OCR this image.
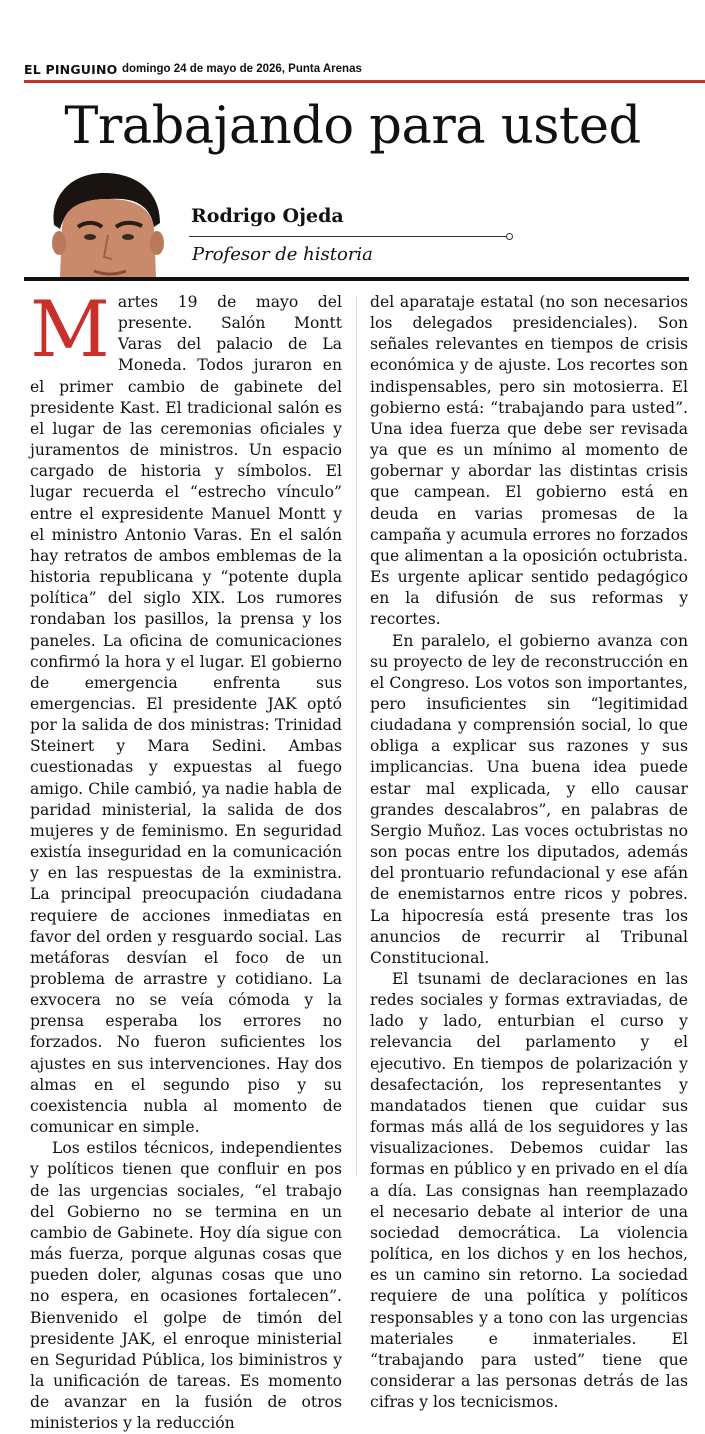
EL PINGUINO domingo 24 de mayo de 2026, Punta Arenas
Trabajando para usted
Rodrigo Ojeda
Profesor de historia

Martes 19 de mayo del presente. Salón Montt Varas del palacio de La Moneda. Todos juraron en el primer cambio de gabinete del presidente Kast. El tradicional salón es el lugar de las ceremonias oficiales y juramentos de ministros. Un espacio cargado de historia y símbolos. El lugar recuerda el “estrecho vínculo” entre el expresidente Manuel Montt y el ministro Antonio Varas. En el salón hay retratos de ambos emblemas de la historia republicana y “potente dupla política” del siglo XIX. Los rumores rondaban los pasillos, la prensa y los paneles. La oficina de comunicaciones confirmó la hora y el lugar. El gobierno de emergencia enfrenta sus emergencias. El presidente JAK optó por la salida de dos ministras: Trinidad Steinert y Mara Sedini. Ambas cuestionadas y expuestas al fuego amigo. Chile cambió, ya nadie habla de paridad ministerial, la salida de dos mujeres y de feminismo. En seguridad existía inseguridad en la comunicación y en las respuestas de la exministra. La principal preocupación ciudadana requiere de acciones inmediatas en favor del orden y resguardo social. Las metáforas desvían el foco de un problema de arrastre y cotidiano. La exvocera no se veía cómoda y la prensa esperaba los errores no forzados. No fueron suficientes los ajustes en sus intervenciones. Hay dos almas en el segundo piso y su coexistencia nubla al momento de comunicar en simple.

Los estilos técnicos, independientes y políticos tienen que confluir en pos de las urgencias sociales, “el trabajo del Gobierno no se termina en un cambio de Gabinete. Hoy día sigue con más fuerza, porque algunas cosas que pueden doler, algunas cosas que uno no espera, en ocasiones fortalecen”. Bienvenido el golpe de timón del presidente JAK, el enroque ministerial en Seguridad Pública, los biministros y la unificación de tareas. Es momento de avanzar en la fusión de otros ministerios y la reducción

del aparataje estatal (no son necesarios los delegados presidenciales). Son señales relevantes en tiempos de crisis económica y de ajuste. Los recortes son indispensables, pero sin motosierra. El gobierno está: “trabajando para usted”. Una idea fuerza que debe ser revisada ya que es un mínimo al momento de gobernar y abordar las distintas crisis que campean. El gobierno está en deuda en varias promesas de la campaña y acumula errores no forzados que alimentan a la oposición octubrista. Es urgente aplicar sentido pedagógico en la difusión de sus reformas y recortes.

En paralelo, el gobierno avanza con su proyecto de ley de reconstrucción en el Congreso. Los votos son importantes, pero insuficientes sin “legitimidad ciudadana y comprensión social, lo que obliga a explicar sus razones y sus implicancias. Una buena idea puede estar mal explicada, y ello causar grandes descalabros”, en palabras de Sergio Muñoz. Las voces octubristas no son pocas entre los diputados, además del prontuario refundacional y ese afán de enemistarnos entre ricos y pobres. La hipocresía está presente tras los anuncios de recurrir al Tribunal Constitucional.

El tsunami de declaraciones en las redes sociales y formas extraviadas, de lado y lado, enturbian el curso y relevancia del parlamento y el ejecutivo. En tiempos de polarización y desafectación, los representantes y mandatados tienen que cuidar sus formas más allá de los seguidores y las visualizaciones. Debemos cuidar las formas en público y en privado en el día a día. Las consignas han reemplazado el necesario debate al interior de una sociedad democrática. La violencia política, en los dichos y en los hechos, es un camino sin retorno. La sociedad requiere de una política y políticos responsables y a tono con las urgencias materiales e inmateriales. El “trabajando para usted” tiene que considerar a las personas detrás de las cifras y los tecnicismos.
